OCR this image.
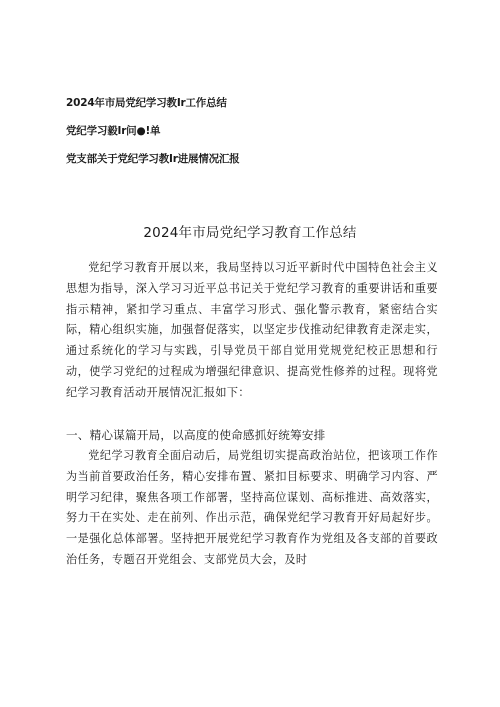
2024年市局党纪学习教Ir工作总结
党纪学习毅Ir问●!单
党支部关于党纪学习教Ir进展情况汇报
2024年市局党纪学习教育工作总结

党纪学习教育开展以来，我局坚持以习近平新时代中国特色社会主义思想为指导，深入学习习近平总书记关于党纪学习教育的重要讲话和重要指示精神，紧扣学习重点、丰富学习形式、强化警示教育，紧密结合实际，精心组织实施，加强督促落实，以坚定步伐推动纪律教育走深走实，通过系统化的学习与实践，引导党员干部自觉用党规党纪校正思想和行动，使学习党纪的过程成为增强纪律意识、提高党性修养的过程。现将党纪学习教育活动开展情况汇报如下：

一、精心谋篇开局，以高度的使命感抓好统筹安排

党纪学习教育全面启动后，局党组切实提高政治站位，把该项工作作为当前首要政治任务，精心安排布置、紧扣目标要求、明确学习内容、严明学习纪律，聚焦各项工作部署，坚持高位谋划、高标推进、高效落实，努力干在实处、走在前列、作出示范，确保党纪学习教育开好局起好步。一是强化总体部署。坚持把开展党纪学习教育作为党组及各支部的首要政治任务，专题召开党组会、支部党员大会，及时
